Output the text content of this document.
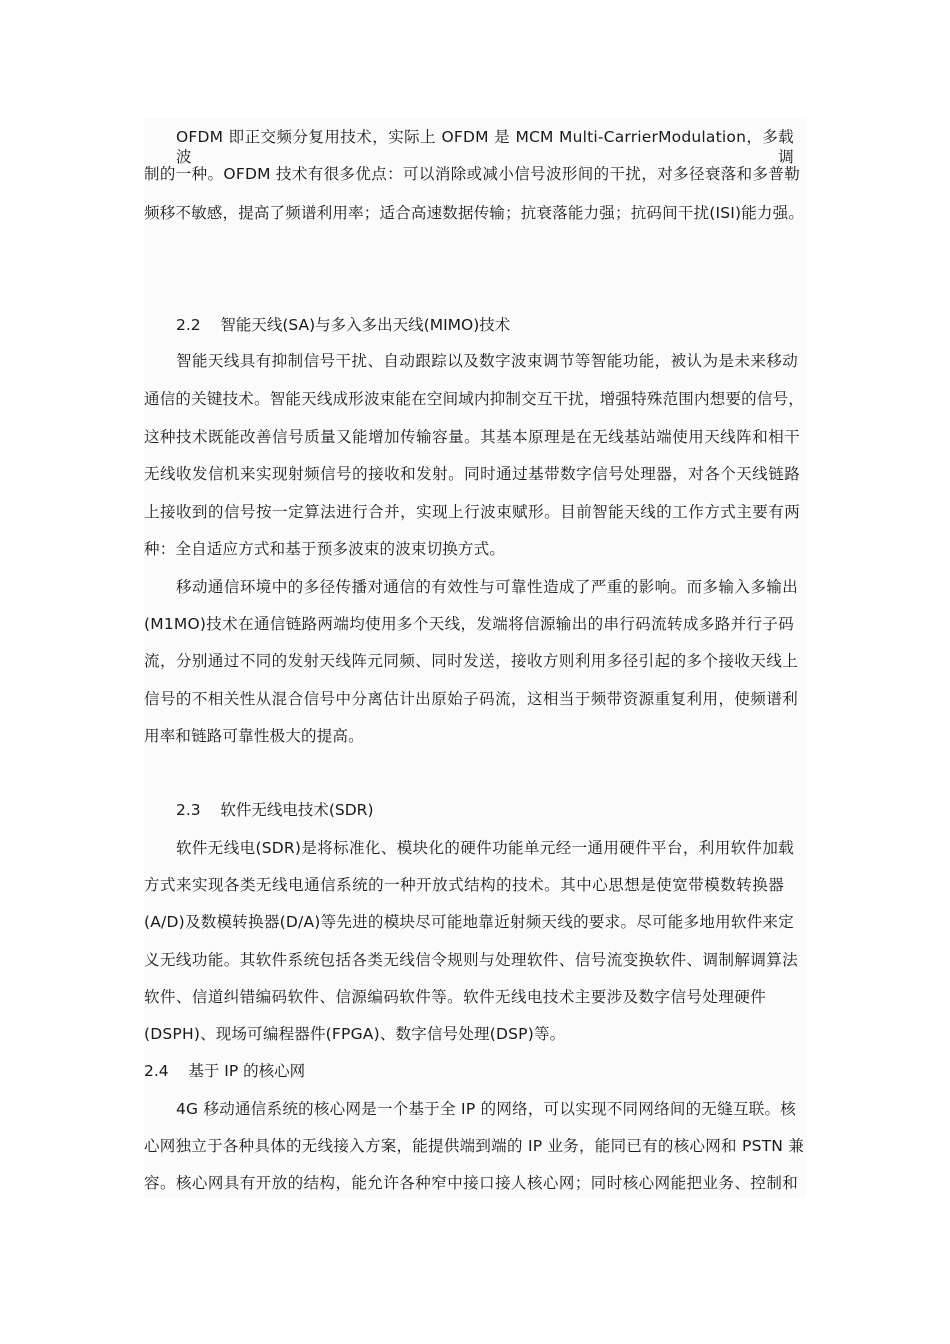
OFDM 即正交频分复用技术，实际上 OFDM 是 MCM Multi-CarrierModulation，多载波调
制的一种。OFDM 技术有很多优点：可以消除或减小信号波形间的干扰，对多径衰落和多普勒
频移不敏感，提高了频谱利用率；适合高速数据传输；抗衰落能力强；抗码间干扰(ISI)能力强。
2.2    智能天线(SA)与多入多出天线(MIMO)技术
智能天线具有抑制信号干扰、自动跟踪以及数字波束调节等智能功能，被认为是未来移动
通信的关键技术。智能天线成形波束能在空间域内抑制交互干扰，增强特殊范围内想要的信号，
这种技术既能改善信号质量又能增加传输容量。其基本原理是在无线基站端使用天线阵和相干
无线收发信机来实现射频信号的接收和发射。同时通过基带数字信号处理器，对各个天线链路
上接收到的信号按一定算法进行合并，实现上行波束赋形。目前智能天线的工作方式主要有两
种：全自适应方式和基于预多波束的波束切换方式。
移动通信环境中的多径传播对通信的有效性与可靠性造成了严重的影响。而多输入多输出
(M1MO)技术在通信链路两端均使用多个天线，发端将信源输出的串行码流转成多路并行子码
流，分别通过不同的发射天线阵元同频、同时发送，接收方则利用多径引起的多个接收天线上
信号的不相关性从混合信号中分离估计出原始子码流，这相当于频带资源重复利用，使频谱利
用率和链路可靠性极大的提高。
2.3    软件无线电技术(SDR)
软件无线电(SDR)是将标准化、模块化的硬件功能单元经一通用硬件平台，利用软件加载
方式来实现各类无线电通信系统的一种开放式结构的技术。其中心思想是使宽带模数转换器
(A/D)及数模转换器(D/A)等先进的模块尽可能地靠近射频天线的要求。尽可能多地用软件来定
义无线功能。其软件系统包括各类无线信令规则与处理软件、信号流变换软件、调制解调算法
软件、信道纠错编码软件、信源编码软件等。软件无线电技术主要涉及数字信号处理硬件
(DSPH)、现场可编程器件(FPGA)、数字信号处理(DSP)等。
2.4    基于 IP 的核心网
4G 移动通信系统的核心网是一个基于全 IP 的网络，可以实现不同网络间的无缝互联。核
心网独立于各种具体的无线接入方案，能提供端到端的 IP 业务，能同已有的核心网和 PSTN 兼
容。核心网具有开放的结构，能允许各种窄中接口接人核心网；同时核心网能把业务、控制和
